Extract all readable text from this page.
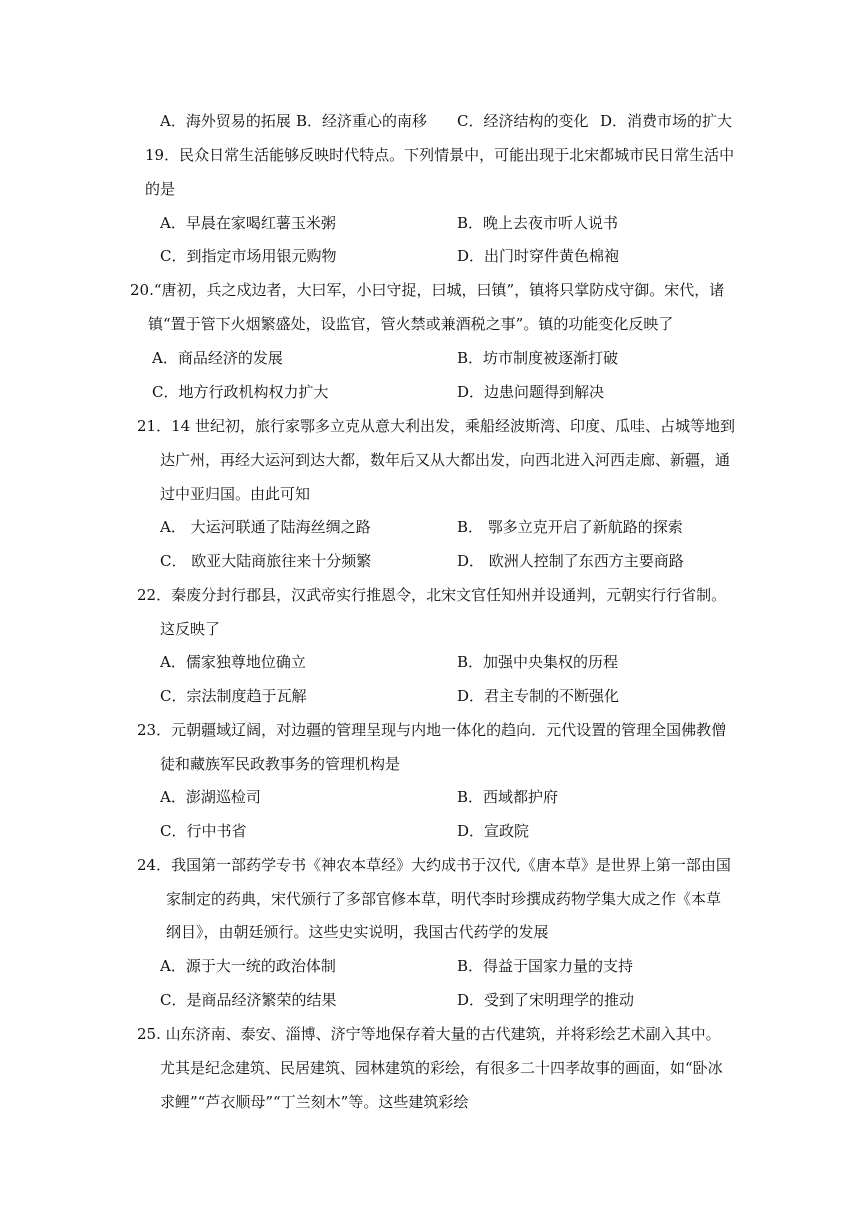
A．海外贸易的拓展 B．经济重心的南移 C．经济结构的变化 D．消费市场的扩大
19．民众日常生活能够反映时代特点。下列情景中，可能出现于北宋都城市民日常生活中
的是
A．早晨在家喝红薯玉米粥	B．晚上去夜市听人说书
C．到指定市场用银元购物	D．出门时穿件黄色棉袍
20.“唐初，兵之戍边者，大曰军，小曰守捉，曰城，曰镇”，镇将只掌防戍守御。宋代，诸
镇“置于管下火烟繁盛处，设监官，管火禁或兼酒税之事”。镇的功能变化反映了
A．商品经济的发展	B．坊市制度被逐渐打破
C．地方行政机构权力扩大	D．边患问题得到解决
21．14 世纪初，旅行家鄂多立克从意大利出发，乘船经波斯湾、印度、瓜哇、占城等地到
达广州，再经大运河到达大都，数年后又从大都出发，向西北进入河西走廊、新疆，通
过中亚归国。由此可知
A． 大运河联通了陆海丝绸之路	B． 鄂多立克开启了新航路的探索
C． 欧亚大陆商旅往来十分频繁	D． 欧洲人控制了东西方主要商路
22．秦废分封行郡县，汉武帝实行推恩令，北宋文官任知州并设通判，元朝实行行省制。
这反映了
A．儒家独尊地位确立	B．加强中央集权的历程
C．宗法制度趋于瓦解	D．君主专制的不断强化
23．元朝疆域辽阔，对边疆的管理呈现与内地一体化的趋向．元代设置的管理全国佛教僧
徒和藏族军民政教事务的管理机构是
A．澎湖巡检司	B．西域都护府
C．行中书省	D．宣政院
24．我国第一部药学专书《神农本草经》大约成书于汉代,《唐本草》是世界上第一部由国
家制定的药典，宋代颁行了多部官修本草，明代李时珍撰成药物学集大成之作《本草
纲目》，由朝廷颁行。这些史实说明，我国古代药学的发展
A．源于大一统的政治体制	B．得益于国家力量的支持
C．是商品经济繁荣的结果	D．受到了宋明理学的推动
25. 山东济南、泰安、淄博、济宁等地保存着大量的古代建筑，并将彩绘艺术副入其中。
尤其是纪念建筑、民居建筑、园林建筑的彩绘，有很多二十四孝故事的画面，如“卧冰
求鲤”“芦衣顺母”“丁兰刻木”等。这些建筑彩绘
